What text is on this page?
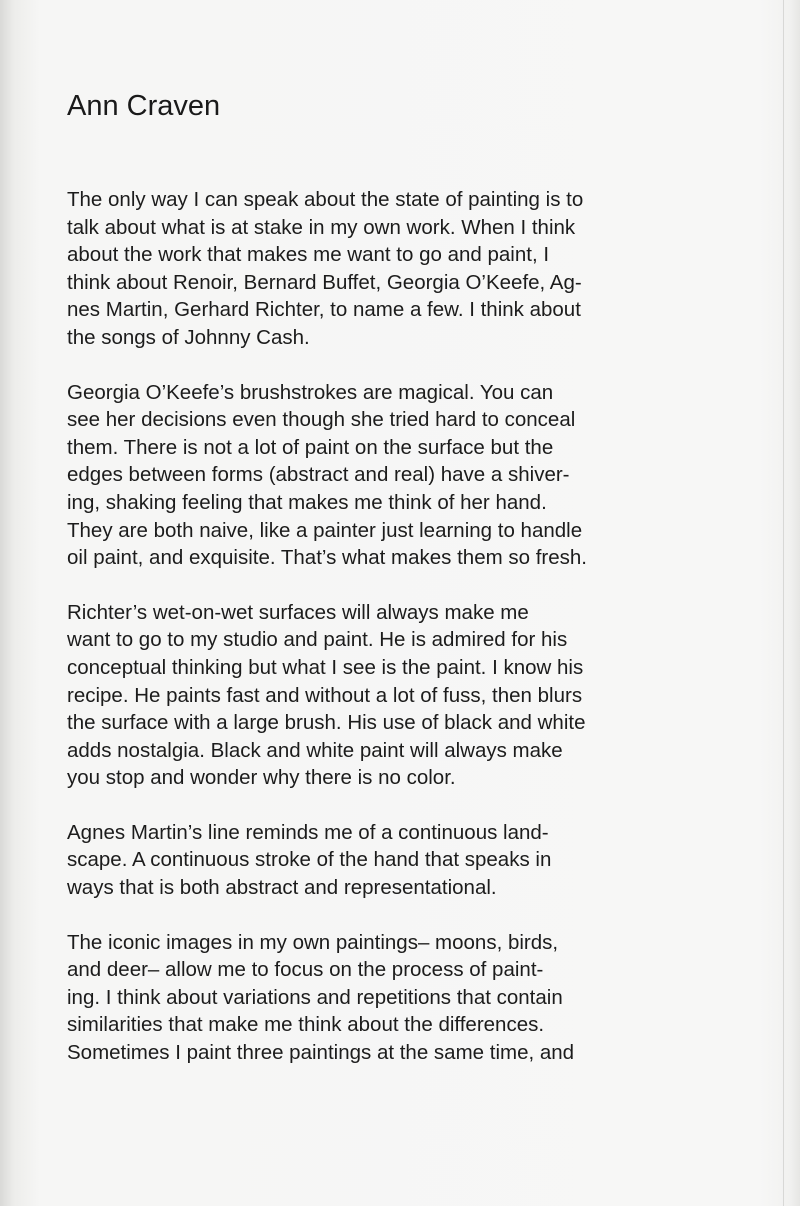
Ann Craven

The only way I can speak about the state of painting is to
talk about what is at stake in my own work. When I think
about the work that makes me want to go and paint, I
think about Renoir, Bernard Buffet, Georgia O’Keefe, Ag-
nes Martin, Gerhard Richter, to name a few. I think about
the songs of Johnny Cash.

Georgia O’Keefe’s brushstrokes are magical. You can
see her decisions even though she tried hard to conceal
them. There is not a lot of paint on the surface but the
edges between forms (abstract and real) have a shiver-
ing, shaking feeling that makes me think of her hand.
They are both naive, like a painter just learning to handle
oil paint, and exquisite. That’s what makes them so fresh.

Richter’s wet-on-wet surfaces will always make me
want to go to my studio and paint. He is admired for his
conceptual thinking but what I see is the paint. I know his
recipe. He paints fast and without a lot of fuss, then blurs
the surface with a large brush. His use of black and white
adds nostalgia. Black and white paint will always make
you stop and wonder why there is no color.

Agnes Martin’s line reminds me of a continuous land-
scape. A continuous stroke of the hand that speaks in
ways that is both abstract and representational.

The iconic images in my own paintings– moons, birds,
and deer– allow me to focus on the process of paint-
ing. I think about variations and repetitions that contain
similarities that make me think about the differences.
Sometimes I paint three paintings at the same time, and
